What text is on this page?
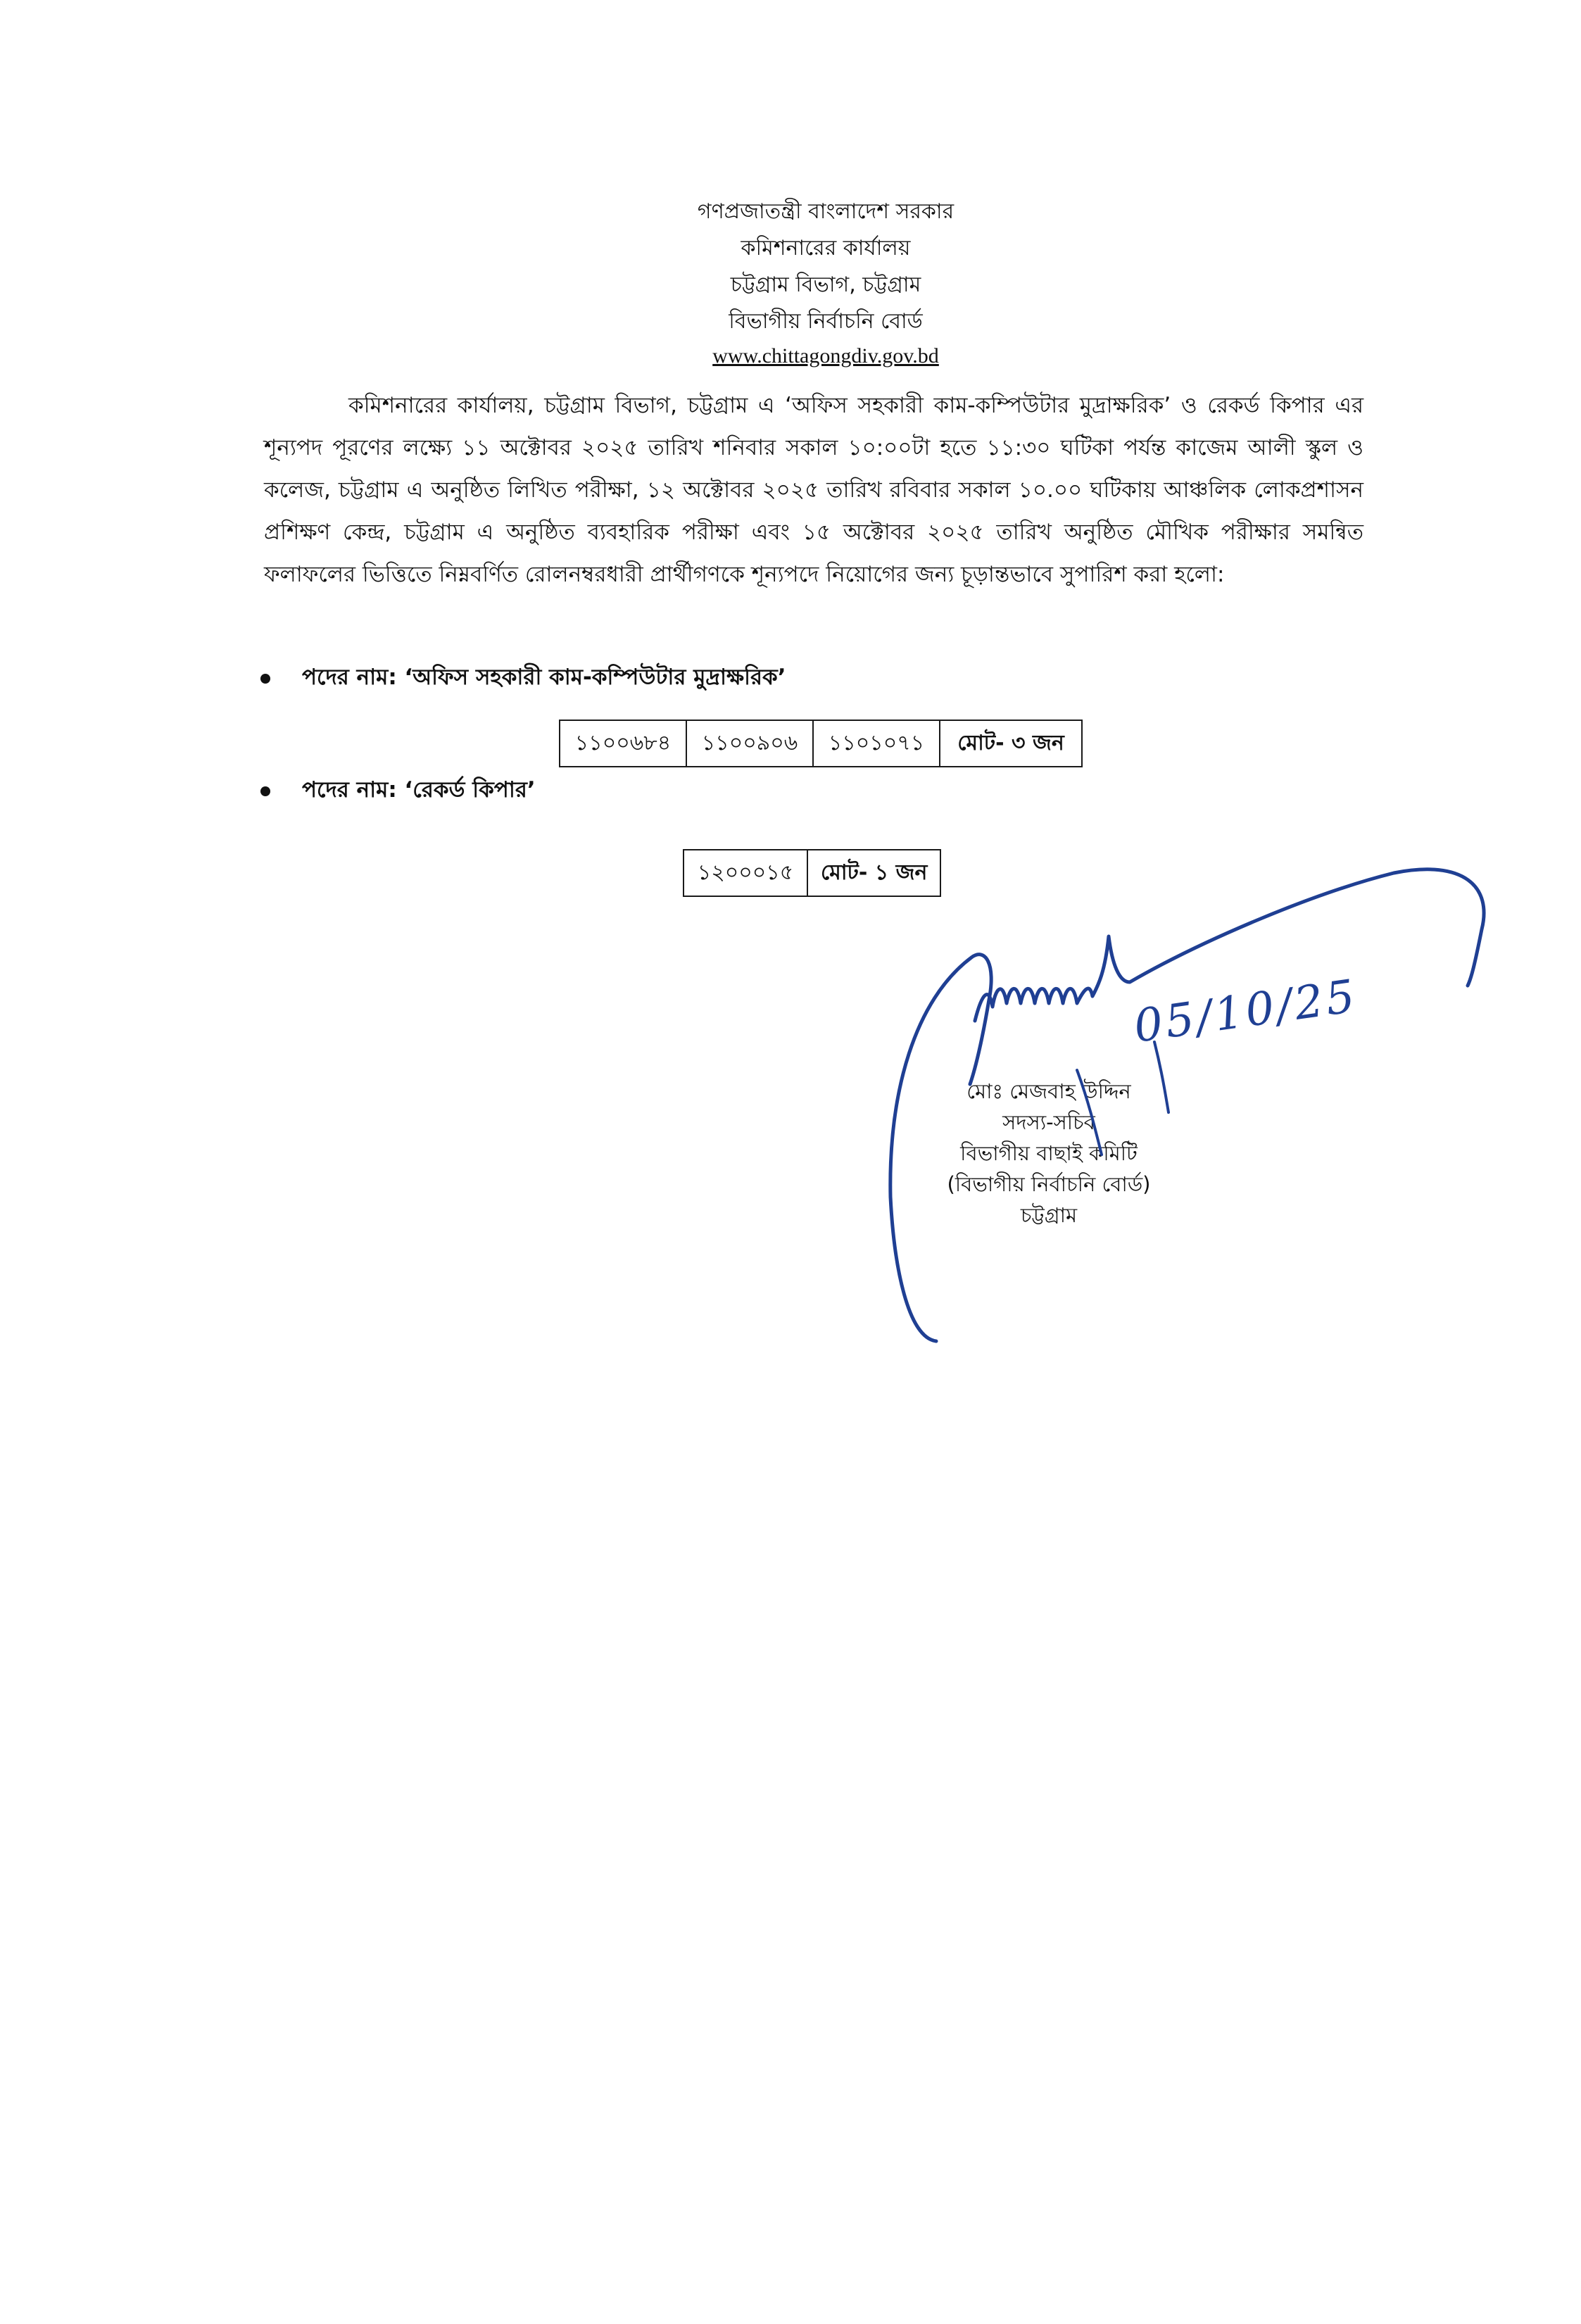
গণপ্রজাতন্ত্রী বাংলাদেশ সরকার
কমিশনারের কার্যালয়
চট্টগ্রাম বিভাগ, চট্টগ্রাম
বিভাগীয় নির্বাচনি বোর্ড
www.chittagongdiv.gov.bd

কমিশনারের কার্যালয়, চট্টগ্রাম বিভাগ, চট্টগ্রাম এ ‘অফিস সহকারী কাম-কম্পিউটার মুদ্রাক্ষরিক’ ও রেকর্ড কিপার এর শূন্যপদ পূরণের লক্ষ্যে ১১ অক্টোবর ২০২৫ তারিখ শনিবার সকাল ১০:০০টা হতে ১১:৩০ ঘটিকা পর্যন্ত কাজেম আলী স্কুল ও কলেজ, চট্টগ্রাম এ অনুষ্ঠিত লিখিত পরীক্ষা, ১২ অক্টোবর ২০২৫ তারিখ রবিবার সকাল ১০.০০ ঘটিকায় আঞ্চলিক লোকপ্রশাসন প্রশিক্ষণ কেন্দ্র, চট্টগ্রাম এ অনুষ্ঠিত ব্যবহারিক পরীক্ষা এবং ১৫ অক্টোবর ২০২৫ তারিখ অনুষ্ঠিত মৌখিক পরীক্ষার সমন্বিত ফলাফলের ভিত্তিতে নিম্নবর্ণিত রোলনম্বরধারী প্রার্থীগণকে শূন্যপদে নিয়োগের জন্য চূড়ান্তভাবে সুপারিশ করা হলো:

পদের নাম: ‘অফিস সহকারী কাম-কম্পিউটার মুদ্রাক্ষরিক’
১১০০৬৮৪	১১০০৯০৬	১১০১০৭১	মোট- ৩ জন
পদের নাম: ‘রেকর্ড কিপার’
১২০০০১৫	মোট- ১ জন
মোঃ মেজবাহ উদ্দিন
সদস্য-সচিব
বিভাগীয় বাছাই কমিটি
(বিভাগীয় নির্বাচনি বোর্ড)
চট্টগ্রাম
05/10/25
